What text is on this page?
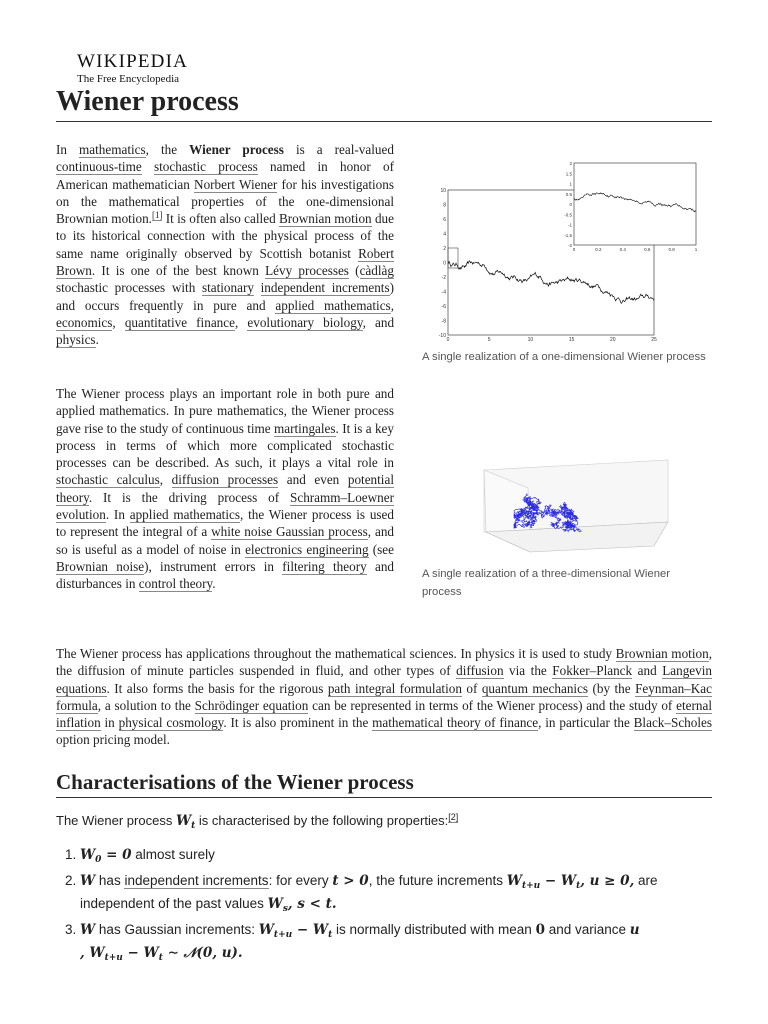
WIKIPEDIA
The Free Encyclopedia
Wiener process

In mathematics, the Wiener process is a real-valued continuous-time stochastic process named in honor of American mathematician Norbert Wiener for his investigations on the mathematical properties of the one-dimensional Brownian motion.[1] It is often also called Brownian motion due to its historical connection with the physical process of the same name originally observed by Scottish botanist Robert Brown. It is one of the best known Lévy processes (càdlàg stochastic processes with stationary independent increments) and occurs frequently in pure and applied mathematics, economics, quantitative finance, evolutionary biology, and physics.

The Wiener process plays an important role in both pure and applied mathematics. In pure mathematics, the Wiener process gave rise to the study of continuous time martingales. It is a key process in terms of which more complicated stochastic processes can be described. As such, it plays a vital role in stochastic calculus, diffusion processes and even potential theory. It is the driving process of Schramm–Loewner evolution. In applied mathematics, the Wiener process is used to represent the integral of a white noise Gaussian process, and so is useful as a model of noise in electronics engineering (see Brownian noise), instrument errors in filtering theory and disturbances in control theory.

10
8
6
4
2
0
-2
-4
-6
-8
-10
0	5	10	15	20	25
2
1.5
1
0.5
0
-0.5
-1
-1.5
-2
0	0.2	0.4	0.6	0.8	1
A single realization of a one-dimensional Wiener process
A single realization of a three-dimensional Wiener process

The Wiener process has applications throughout the mathematical sciences. In physics it is used to study Brownian motion, the diffusion of minute particles suspended in fluid, and other types of diffusion via the Fokker–Planck and Langevin equations. It also forms the basis for the rigorous path integral formulation of quantum mechanics (by the Feynman–Kac formula, a solution to the Schrödinger equation can be represented in terms of the Wiener process) and the study of eternal inflation in physical cosmology. It is also prominent in the mathematical theory of finance, in particular the Black–Scholes option pricing model.

Characterisations of the Wiener process

The Wiener process $W_t$ is characterised by the following properties:[2]

1. $W_0 = 0$ almost surely
2. W has independent increments: for every t > 0, the future increments $W_{t+u} - W_t$, u ≥ 0, are independent of the past values $W_s$, s < t.
3. W has Gaussian increments: $W_{t+u} - W_t$ is normally distributed with mean 0 and variance u
, $W_{t+u} - W_t$ ∼ 𝒩(0, u).
